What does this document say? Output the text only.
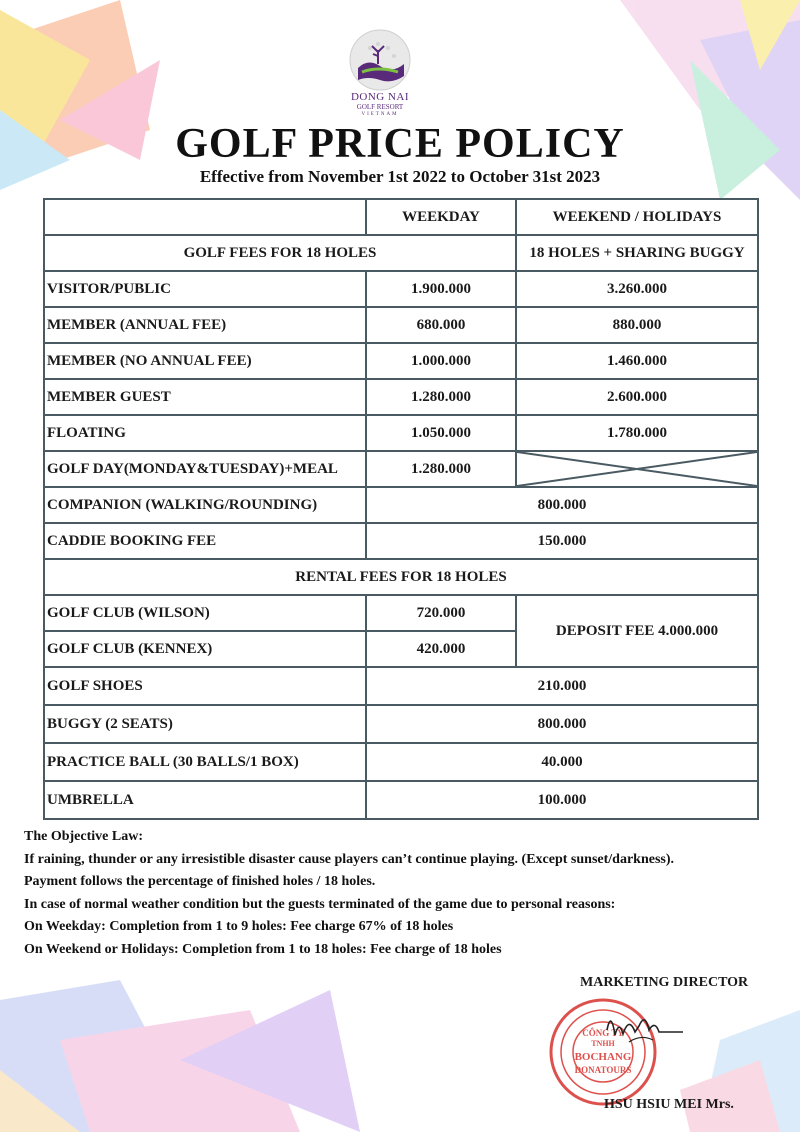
DONG NAI
GOLF RESORT
VIETNAM
GOLF PRICE POLICY
Effective from November 1st 2022 to October 31st 2023
	WEEKDAY	WEEKEND / HOLIDAYS
GOLF FEES FOR 18 HOLES		18 HOLES + SHARING BUGGY
VISITOR/PUBLIC	1.900.000	3.260.000
MEMBER (ANNUAL FEE)	680.000	880.000
MEMBER (NO ANNUAL FEE)	1.000.000	1.460.000
MEMBER GUEST	1.280.000	2.600.000
FLOATING	1.050.000	1.780.000
GOLF DAY(MONDAY&TUESDAY)+MEAL	1.280.000	

COMPANION (WALKING/ROUNDING)	800.000	
CADDIE BOOKING FEE	150.000	
RENTAL FEES FOR 18 HOLES		
GOLF CLUB (WILSON)	720.000	DEPOSIT FEE 4.000.000
GOLF CLUB (KENNEX)	420.000	
GOLF SHOES	210.000	
BUGGY (2 SEATS)	800.000	
PRACTICE BALL (30 BALLS/1 BOX)	40.000	
UMBRELLA	100.000	
The Objective Law:
If raining, thunder or any irresistible disaster cause players can’t continue playing. (Except sunset/darkness).
Payment follows the percentage of finished holes / 18 holes.
In case of normal weather condition but the guests terminated of the game due to personal reasons:
On Weekday: Completion from 1 to 9 holes: Fee charge 67% of 18 holes
On Weekend or Holidays: Completion from 1 to 18 holes: Fee charge of 18 holes
MARKETING DIRECTOR
CÔNG TY
TNHH
BOCHANG
DONATOURS
HSU HSIU MEI Mrs.
